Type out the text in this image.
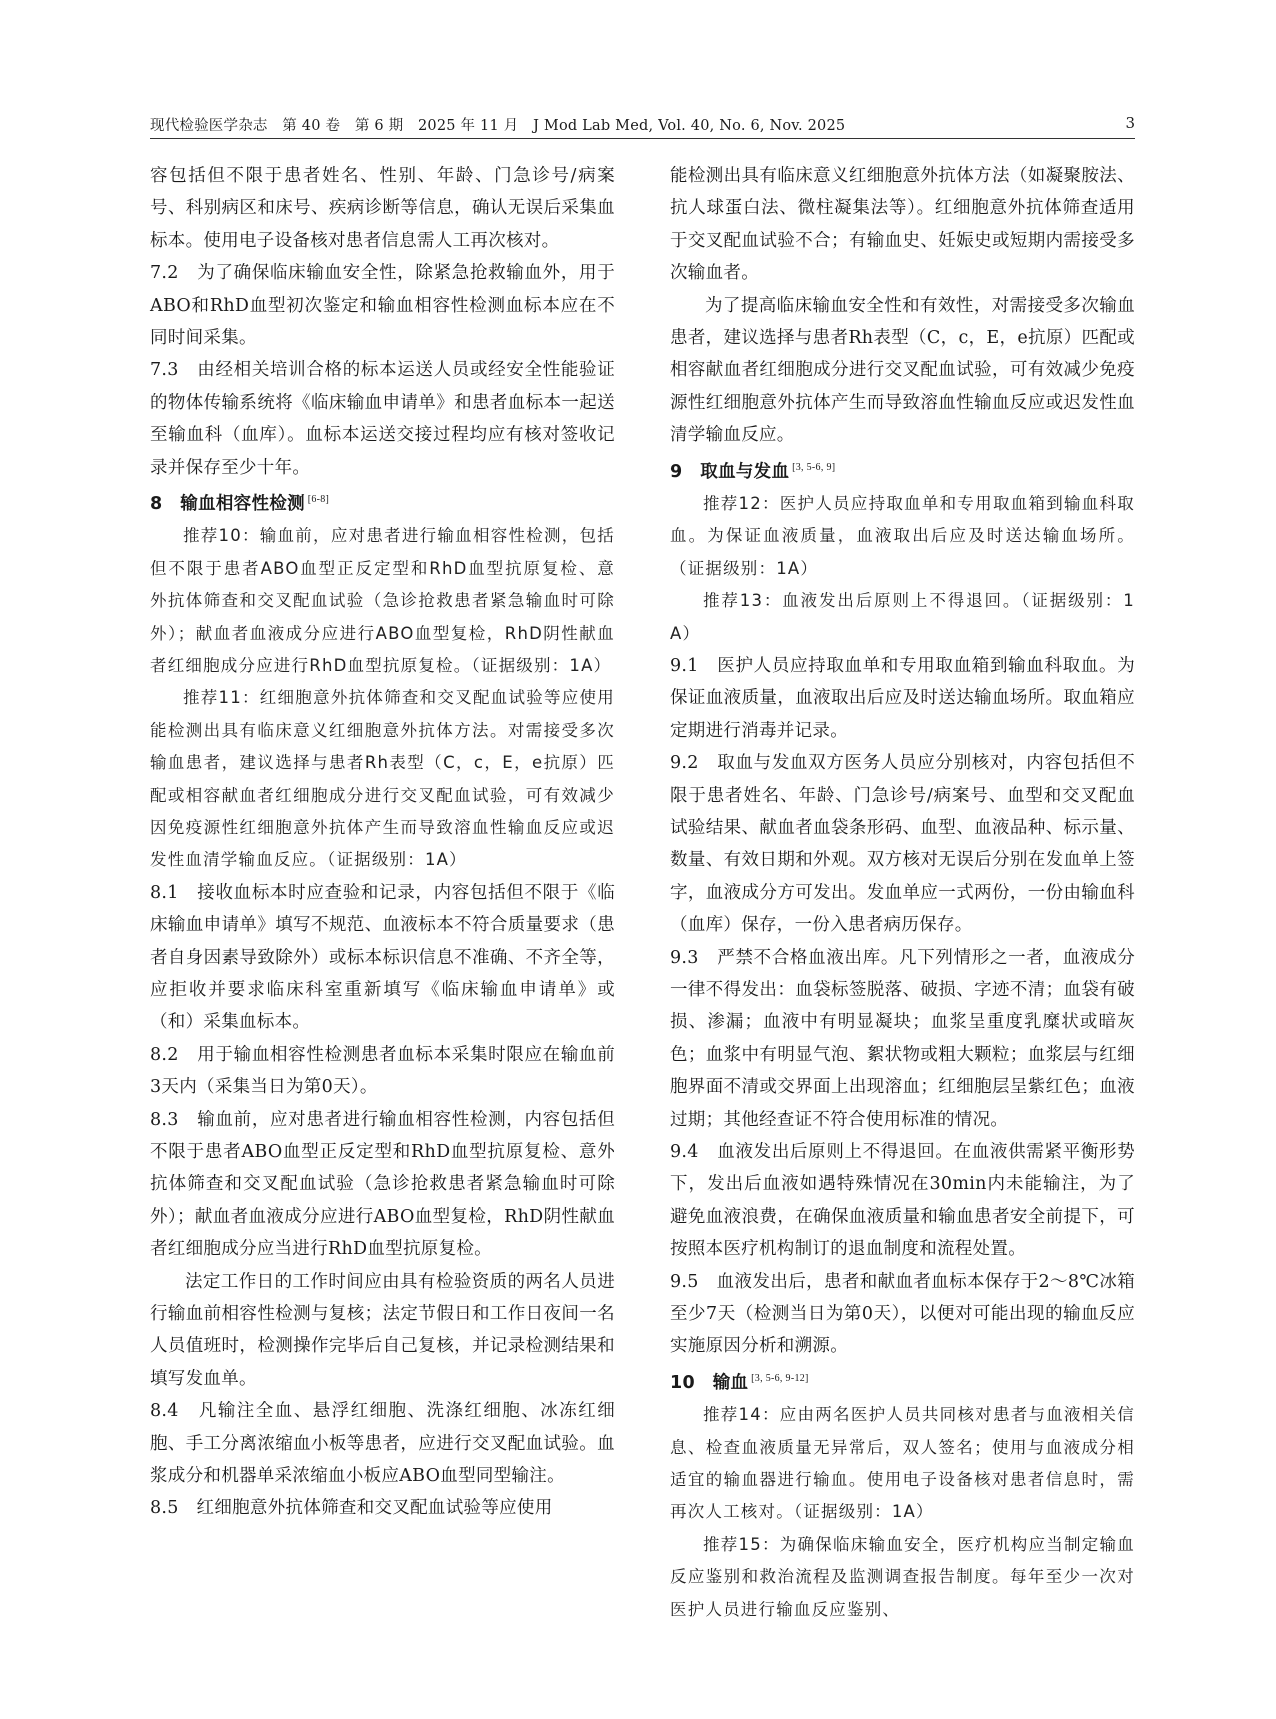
现代检验医学杂志　第 40 卷　第 6 期　2025 年 11 月　J Mod Lab Med, Vol. 40, No. 6, Nov. 2025	3

容包括但不限于患者姓名、性别、年龄、门急诊号/病案号、科别病区和床号、疾病诊断等信息，确认无误后采集血标本。使用电子设备核对患者信息需人工再次核对。

7.2　为了确保临床输血安全性，除紧急抢救输血外，用于ABO和RhD血型初次鉴定和输血相容性检测血标本应在不同时间采集。

7.3　由经相关培训合格的标本运送人员或经安全性能验证的物体传输系统将《临床输血申请单》和患者血标本一起送至输血科（血库）。血标本运送交接过程均应有核对签收记录并保存至少十年。

8　输血相容性检测 [6-8]

推荐10：输血前，应对患者进行输血相容性检测，包括但不限于患者ABO血型正反定型和RhD血型抗原复检、意外抗体筛查和交叉配血试验（急诊抢救患者紧急输血时可除外）；献血者血液成分应进行ABO血型复检，RhD阴性献血者红细胞成分应进行RhD血型抗原复检。（证据级别：1A）

推荐11：红细胞意外抗体筛查和交叉配血试验等应使用能检测出具有临床意义红细胞意外抗体方法。对需接受多次输血患者，建议选择与患者Rh表型（C，c，E，e抗原）匹配或相容献血者红细胞成分进行交叉配血试验，可有效减少因免疫源性红细胞意外抗体产生而导致溶血性输血反应或迟发性血清学输血反应。（证据级别：1A）

8.1　接收血标本时应查验和记录，内容包括但不限于《临床输血申请单》填写不规范、血液标本不符合质量要求（患者自身因素导致除外）或标本标识信息不准确、不齐全等，应拒收并要求临床科室重新填写《临床输血申请单》或（和）采集血标本。

8.2　用于输血相容性检测患者血标本采集时限应在输血前3天内（采集当日为第0天）。

8.3　输血前，应对患者进行输血相容性检测，内容包括但不限于患者ABO血型正反定型和RhD血型抗原复检、意外抗体筛查和交叉配血试验（急诊抢救患者紧急输血时可除外）；献血者血液成分应进行ABO血型复检，RhD阴性献血者红细胞成分应当进行RhD血型抗原复检。

法定工作日的工作时间应由具有检验资质的两名人员进行输血前相容性检测与复核；法定节假日和工作日夜间一名人员值班时，检测操作完毕后自己复核，并记录检测结果和填写发血单。

8.4　凡输注全血、悬浮红细胞、洗涤红细胞、冰冻红细胞、手工分离浓缩血小板等患者，应进行交叉配血试验。血浆成分和机器单采浓缩血小板应ABO血型同型输注。

8.5　红细胞意外抗体筛查和交叉配血试验等应使用

能检测出具有临床意义红细胞意外抗体方法（如凝聚胺法、抗人球蛋白法、微柱凝集法等）。红细胞意外抗体筛查适用于交叉配血试验不合；有输血史、妊娠史或短期内需接受多次输血者。

为了提高临床输血安全性和有效性，对需接受多次输血患者，建议选择与患者Rh表型（C，c，E，e抗原）匹配或相容献血者红细胞成分进行交叉配血试验，可有效减少免疫源性红细胞意外抗体产生而导致溶血性输血反应或迟发性血清学输血反应。

9　取血与发血 [3, 5-6, 9]

推荐12：医护人员应持取血单和专用取血箱到输血科取血。为保证血液质量，血液取出后应及时送达输血场所。（证据级别：1A）

推荐13：血液发出后原则上不得退回。（证据级别：1A）

9.1　医护人员应持取血单和专用取血箱到输血科取血。为保证血液质量，血液取出后应及时送达输血场所。取血箱应定期进行消毒并记录。

9.2　取血与发血双方医务人员应分别核对，内容包括但不限于患者姓名、年龄、门急诊号/病案号、血型和交叉配血试验结果、献血者血袋条形码、血型、血液品种、标示量、数量、有效日期和外观。双方核对无误后分别在发血单上签字，血液成分方可发出。发血单应一式两份，一份由输血科（血库）保存，一份入患者病历保存。

9.3　严禁不合格血液出库。凡下列情形之一者，血液成分一律不得发出：血袋标签脱落、破损、字迹不清；血袋有破损、渗漏；血液中有明显凝块；血浆呈重度乳糜状或暗灰色；血浆中有明显气泡、絮状物或粗大颗粒；血浆层与红细胞界面不清或交界面上出现溶血；红细胞层呈紫红色；血液过期；其他经查证不符合使用标准的情况。

9.4　血液发出后原则上不得退回。在血液供需紧平衡形势下，发出后血液如遇特殊情况在30min内未能输注，为了避免血液浪费，在确保血液质量和输血患者安全前提下，可按照本医疗机构制订的退血制度和流程处置。

9.5　血液发出后，患者和献血者血标本保存于2～8℃冰箱至少7天（检测当日为第0天），以便对可能出现的输血反应实施原因分析和溯源。

10　输血 [3, 5-6, 9-12]

推荐14：应由两名医护人员共同核对患者与血液相关信息、检查血液质量无异常后，双人签名；使用与血液成分相适宜的输血器进行输血。使用电子设备核对患者信息时，需再次人工核对。（证据级别：1A）

推荐15：为确保临床输血安全，医疗机构应当制定输血反应鉴别和救治流程及监测调查报告制度。每年至少一次对医护人员进行输血反应鉴别、
